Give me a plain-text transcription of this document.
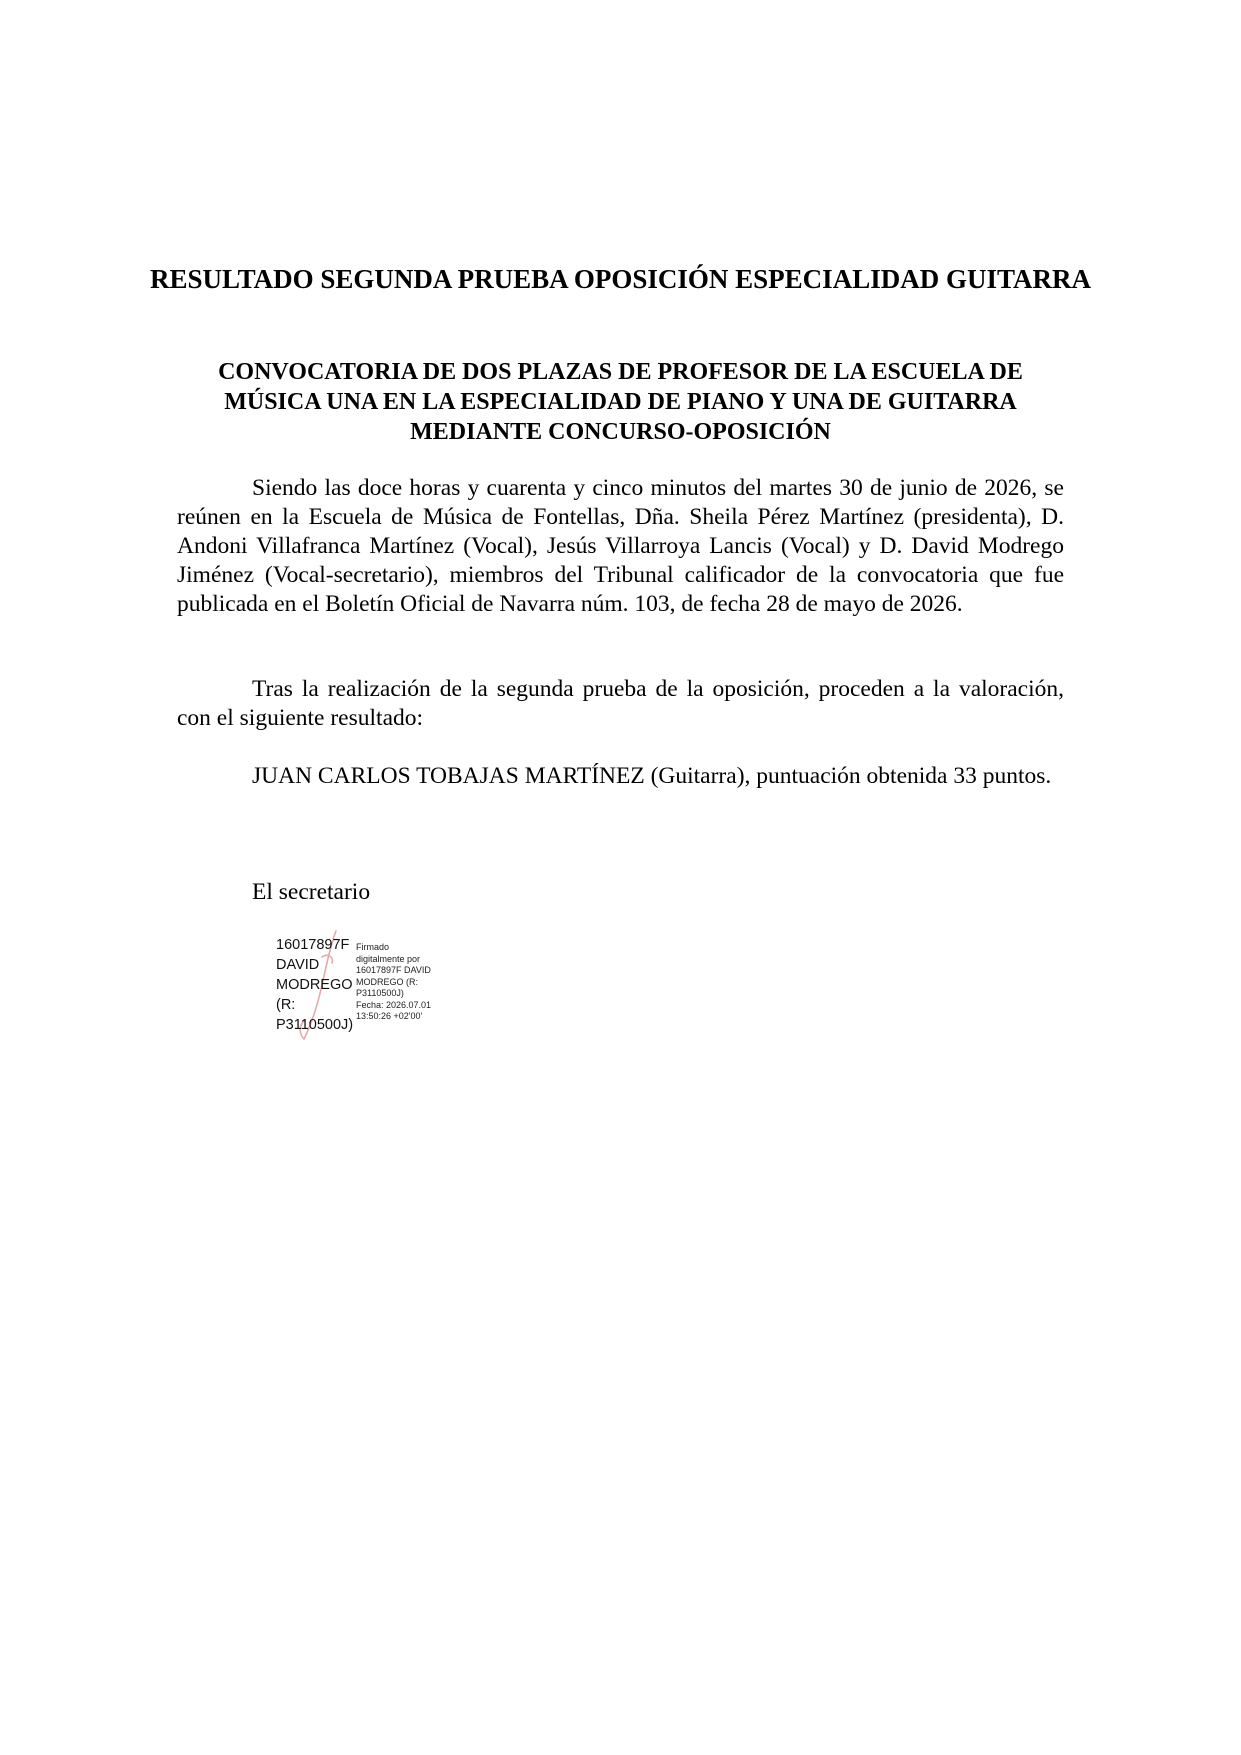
RESULTADO SEGUNDA PRUEBA OPOSICIÓN ESPECIALIDAD GUITARRA
CONVOCATORIA DE DOS PLAZAS DE PROFESOR DE LA ESCUELA DE MÚSICA UNA EN LA ESPECIALIDAD DE PIANO Y UNA DE GUITARRA MEDIANTE CONCURSO-OPOSICIÓN

Siendo las doce horas y cuarenta y cinco minutos del martes 30 de junio de 2026, se reúnen en la Escuela de Música de Fontellas, Dña. Sheila Pérez Martínez (presidenta), D. Andoni Villafranca Martínez (Vocal), Jesús Villarroya Lancis (Vocal) y D. David Modrego Jiménez (Vocal-secretario), miembros del Tribunal calificador de la convocatoria que fue publicada en el Boletín Oficial de Navarra núm. 103, de fecha 28 de mayo de 2026.

Tras la realización de la segunda prueba de la oposición, proceden a la valoración, con el siguiente resultado:

JUAN CARLOS TOBAJAS MARTÍNEZ (Guitarra), puntuación obtenida 33 puntos.

El secretario

16017897F
DAVID
MODREGO
(R:
P3110500J)
Firmado
digitalmente por
16017897F DAVID
MODREGO (R:
P3110500J)
Fecha: 2026.07.01
13:50:26 +02'00'
